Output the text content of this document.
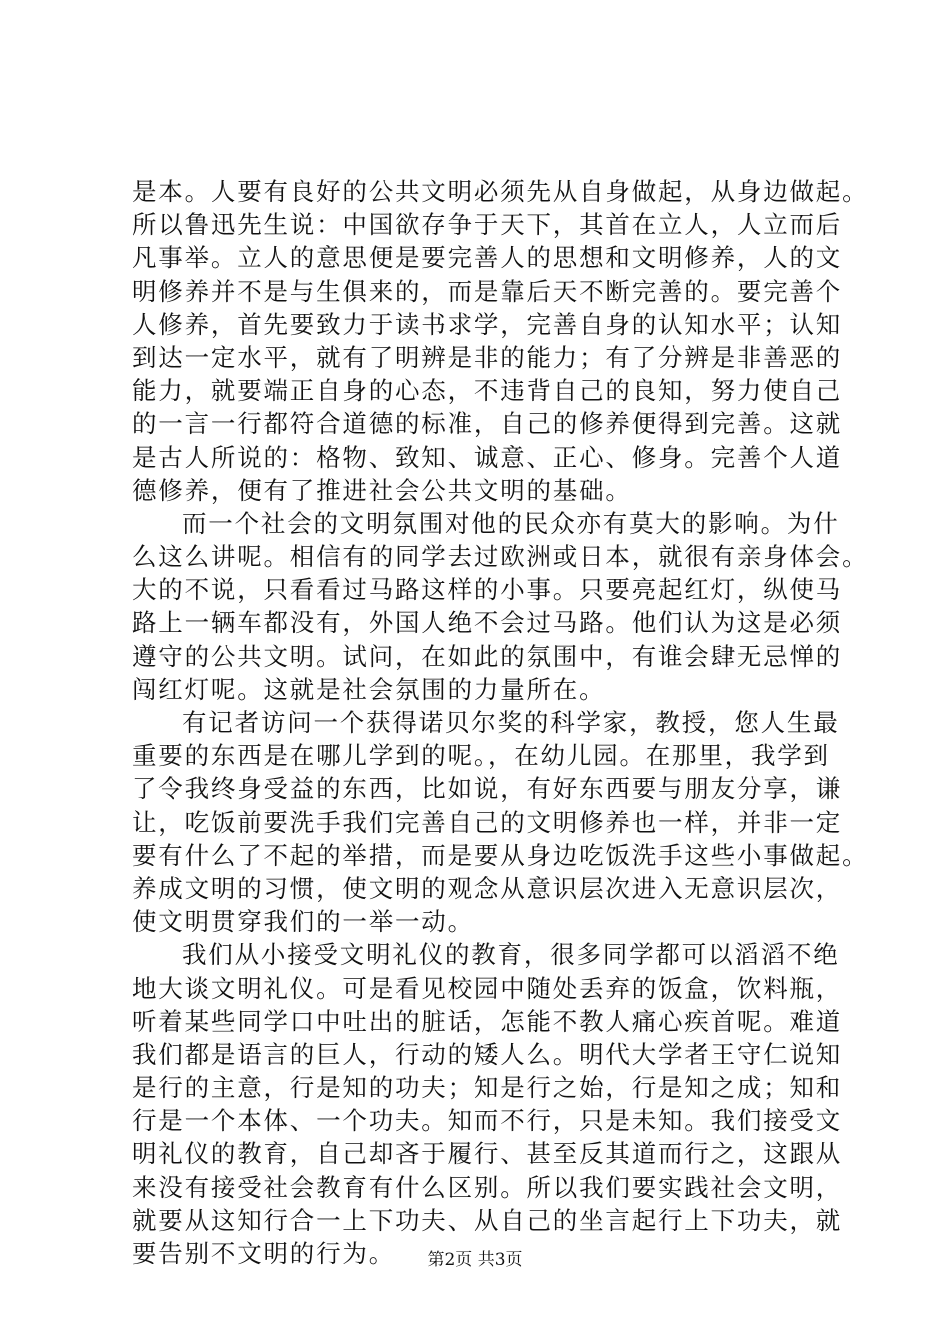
是本。人要有良好的公共文明必须先从自身做起，从身边做起。
所以鲁迅先生说：中国欲存争于天下，其首在立人，人立而后
凡事举。立人的意思便是要完善人的思想和文明修养，人的文
明修养并不是与生俱来的，而是靠后天不断完善的。要完善个
人修养，首先要致力于读书求学，完善自身的认知水平；认知
到达一定水平，就有了明辨是非的能力；有了分辨是非善恶的
能力，就要端正自身的心态，不违背自己的良知，努力使自己
的一言一行都符合道德的标准，自己的修养便得到完善。这就
是古人所说的：格物、致知、诚意、正心、修身。完善个人道
德修养，便有了推进社会公共文明的基础。
而一个社会的文明氛围对他的民众亦有莫大的影响。为什
么这么讲呢。相信有的同学去过欧洲或日本，就很有亲身体会。
大的不说，只看看过马路这样的小事。只要亮起红灯，纵使马
路上一辆车都没有，外国人绝不会过马路。他们认为这是必须
遵守的公共文明。试问，在如此的氛围中，有谁会肆无忌惮的
闯红灯呢。这就是社会氛围的力量所在。
有记者访问一个获得诺贝尔奖的科学家，教授，您人生最
重要的东西是在哪儿学到的呢。，在幼儿园。在那里，我学到
了令我终身受益的东西，比如说，有好东西要与朋友分享，谦
让，吃饭前要洗手我们完善自己的文明修养也一样，并非一定
要有什么了不起的举措，而是要从身边吃饭洗手这些小事做起。
养成文明的习惯，使文明的观念从意识层次进入无意识层次，
使文明贯穿我们的一举一动。
我们从小接受文明礼仪的教育，很多同学都可以滔滔不绝
地大谈文明礼仪。可是看见校园中随处丢弃的饭盒，饮料瓶，
听着某些同学口中吐出的脏话，怎能不教人痛心疾首呢。难道
我们都是语言的巨人，行动的矮人么。明代大学者王守仁说知
是行的主意，行是知的功夫；知是行之始，行是知之成；知和
行是一个本体、一个功夫。知而不行，只是未知。我们接受文
明礼仪的教育，自己却吝于履行、甚至反其道而行之，这跟从
来没有接受社会教育有什么区别。所以我们要实践社会文明，
就要从这知行合一上下功夫、从自己的坐言起行上下功夫，就
要告别不文明的行为。	第2页 共3页
